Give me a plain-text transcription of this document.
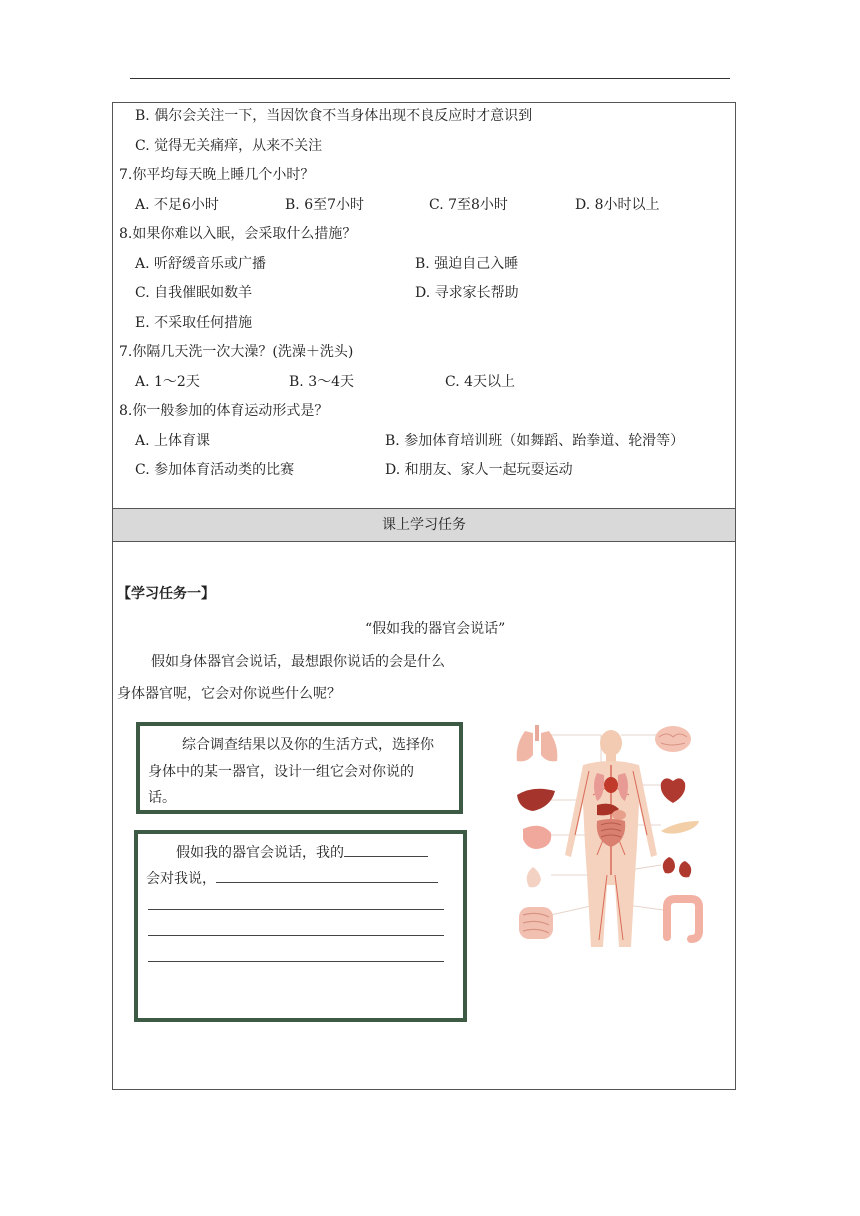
B. 偶尔会关注一下，当因饮食不当身体出现不良反应时才意识到
C. 觉得无关痛痒，从来不关注
7.你平均每天晚上睡几个小时？
A. 不足6小时	B. 6至7小时	C. 7至8小时	D. 8小时以上
8.如果你难以入眠，会采取什么措施？
A. 听舒缓音乐或广播	B. 强迫自己入睡
C. 自我催眠如数羊	D. 寻求家长帮助
E. 不采取任何措施
7.你隔几天洗一次大澡？(洗澡＋洗头)
A. 1～2天	B. 3～4天	C. 4天以上
8.你一般参加的体育运动形式是？
A. 上体育课	B. 参加体育培训班（如舞蹈、跆拳道、轮滑等）
C. 参加体育活动类的比赛	D. 和朋友、家人一起玩耍运动
课上学习任务
【学习任务一】
“假如我的器官会说话”
假如身体器官会说话，最想跟你说话的会是什么
身体器官呢，它会对你说些什么呢？
综合调查结果以及你的生活方式，选择你
身体中的某一器官，设计一组它会对你说的
话。
假如我的器官会说话，我的
会对我说，
